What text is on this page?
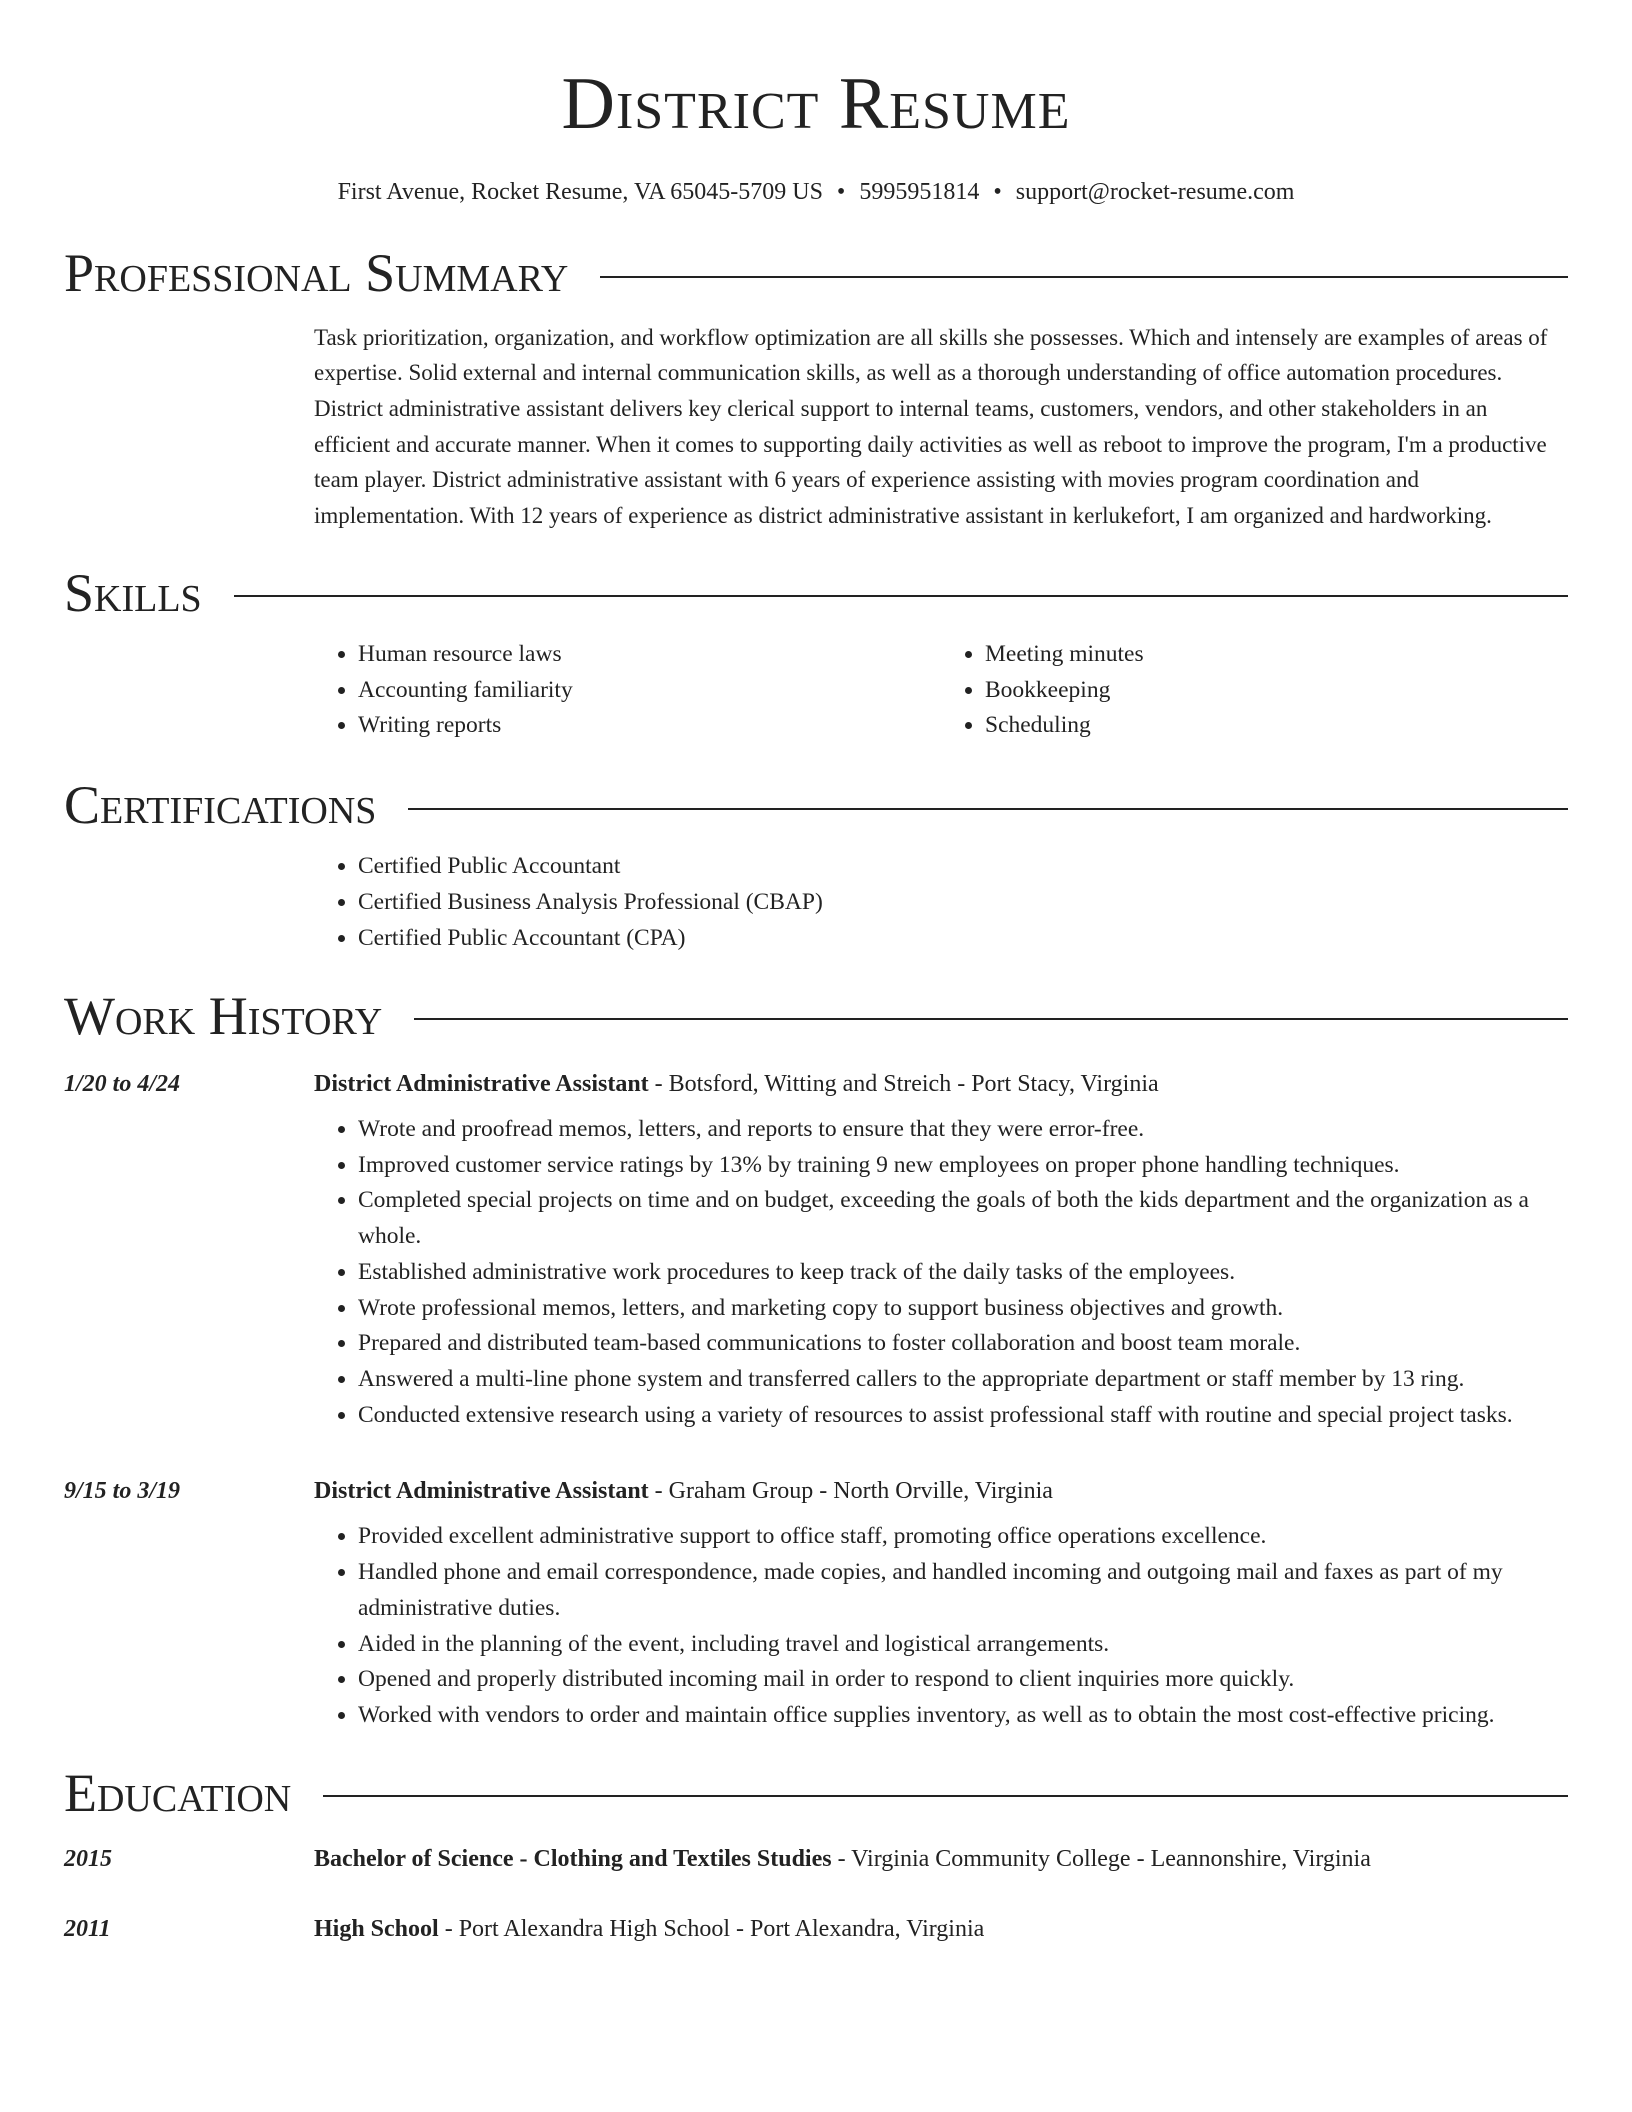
District Resume
First Avenue, Rocket Resume, VA 65045-5709 US • 5995951814 • support@rocket-resume.com
Professional Summary
Task prioritization, organization, and workflow optimization are all skills she possesses. Which and intensely are examples of areas of expertise. Solid external and internal communication skills, as well as a thorough understanding of office automation procedures. District administrative assistant delivers key clerical support to internal teams, customers, vendors, and other stakeholders in an efficient and accurate manner. When it comes to supporting daily activities as well as reboot to improve the program, I'm a productive team player. District administrative assistant with 6 years of experience assisting with movies program coordination and implementation. With 12 years of experience as district administrative assistant in kerlukefort, I am organized and hardworking.
Skills
• Human resource laws
• Accounting familiarity
• Writing reports
• Meeting minutes
• Bookkeeping
• Scheduling
Certifications
• Certified Public Accountant
• Certified Business Analysis Professional (CBAP)
• Certified Public Accountant (CPA)
Work History
1/20 to 4/24	District Administrative Assistant - Botsford, Witting and Streich - Port Stacy, Virginia
• Wrote and proofread memos, letters, and reports to ensure that they were error-free.
• Improved customer service ratings by 13% by training 9 new employees on proper phone handling techniques.
• Completed special projects on time and on budget, exceeding the goals of both the kids department and the organization as a whole.
• Established administrative work procedures to keep track of the daily tasks of the employees.
• Wrote professional memos, letters, and marketing copy to support business objectives and growth.
• Prepared and distributed team-based communications to foster collaboration and boost team morale.
• Answered a multi-line phone system and transferred callers to the appropriate department or staff member by 13 ring.
• Conducted extensive research using a variety of resources to assist professional staff with routine and special project tasks.
9/15 to 3/19	District Administrative Assistant - Graham Group - North Orville, Virginia
• Provided excellent administrative support to office staff, promoting office operations excellence.
• Handled phone and email correspondence, made copies, and handled incoming and outgoing mail and faxes as part of my administrative duties.
• Aided in the planning of the event, including travel and logistical arrangements.
• Opened and properly distributed incoming mail in order to respond to client inquiries more quickly.
• Worked with vendors to order and maintain office supplies inventory, as well as to obtain the most cost-effective pricing.
Education
2015	Bachelor of Science - Clothing and Textiles Studies - Virginia Community College - Leannonshire, Virginia
2011	High School - Port Alexandra High School - Port Alexandra, Virginia
